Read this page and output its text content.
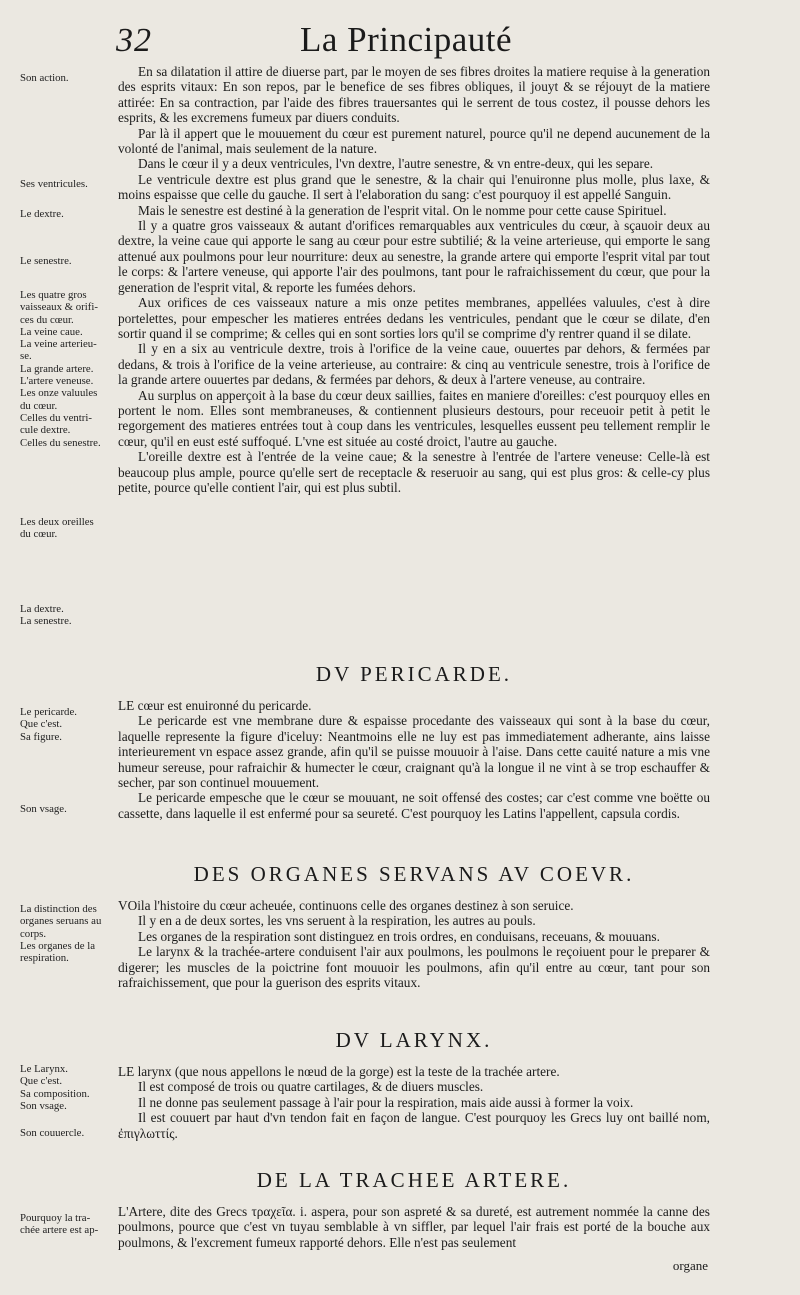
32	La Principauté
Son action.
Ses ventricules.
Le dextre.
Le senestre.
Les quatre gros
vaisseaux & orifi-
ces du cœur.
La veine caue.
La veine arterieu-
se.
La grande artere.
L'artere veneuse.
Les onze valuules
du cœur.
Celles du ventri-
cule dextre.
Celles du senestre.
Les deux oreilles
du cœur.
La dextre.
La senestre.
Le pericarde.
Que c'est.
Sa figure.
Son vsage.
La distinction des
organes seruans au
corps.
Les organes de la
respiration.
Le Larynx.
Que c'est.
Sa composition.
Son vsage.
Son couuercle.
Pourquoy la tra-
chée artere est ap-

En sa dilatation il attire de diuerse part, par le moyen de ses fibres droites la matiere requise à la generation des esprits vitaux: En son repos, par le benefice de ses fibres obliques, il jouyt & se réjouyt de la matiere attirée: En sa contraction, par l'aide des fibres trauersantes qui le serrent de tous costez, il pousse dehors les esprits, & les excremens fumeux par diuers conduits.

Par là il appert que le mouuement du cœur est purement naturel, pource qu'il ne depend aucunement de la volonté de l'animal, mais seulement de la nature.

Dans le cœur il y a deux ventricules, l'vn dextre, l'autre senestre, & vn entre-deux, qui les separe.

Le ventricule dextre est plus grand que le senestre, & la chair qui l'enuironne plus molle, plus laxe, & moins espaisse que celle du gauche. Il sert à l'elaboration du sang: c'est pourquoy il est appellé Sanguin.

Mais le senestre est destiné à la generation de l'esprit vital. On le nomme pour cette cause Spirituel.

Il y a quatre gros vaisseaux & autant d'orifices remarquables aux ventricules du cœur, à sçauoir deux au dextre, la veine caue qui apporte le sang au cœur pour estre subtilié; & la veine arterieuse, qui emporte le sang attenué aux poulmons pour leur nourriture: deux au senestre, la grande artere qui emporte l'esprit vital par tout le corps: & l'artere veneuse, qui apporte l'air des poulmons, tant pour le rafraichissement du cœur, que pour la generation de l'esprit vital, & reporte les fumées dehors.

Aux orifices de ces vaisseaux nature a mis onze petites membranes, appellées valuules, c'est à dire portelettes, pour empescher les matieres entrées dedans les ventricules, pendant que le cœur se dilate, d'en sortir quand il se comprime; & celles qui en sont sorties lors qu'il se comprime d'y rentrer quand il se dilate.

Il y en a six au ventricule dextre, trois à l'orifice de la veine caue, ouuertes par dehors, & fermées par dedans, & trois à l'orifice de la veine arterieuse, au contraire: & cinq au ventricule senestre, trois à l'orifice de la grande artere ouuertes par dedans, & fermées par dehors, & deux à l'artere veneuse, au contraire.

Au surplus on apperçoit à la base du cœur deux saillies, faites en maniere d'oreilles: c'est pourquoy elles en portent le nom. Elles sont membraneuses, & contiennent plusieurs destours, pour receuoir petit à petit le regorgement des matieres entrées tout à coup dans les ventricules, lesquelles eussent peu tellement remplir le cœur, qu'il en eust esté suffoqué. L'vne est située au costé droict, l'autre au gauche.

L'oreille dextre est à l'entrée de la veine caue; & la senestre à l'entrée de l'artere veneuse: Celle-là est beaucoup plus ample, pource qu'elle sert de receptacle & reseruoir au sang, qui est plus gros: & celle-cy plus petite, pource qu'elle contient l'air, qui est plus subtil.

DV PERICARDE.

LE cœur est enuironné du pericarde.

Le pericarde est vne membrane dure & espaisse procedante des vaisseaux qui sont à la base du cœur, laquelle represente la figure d'iceluy: Neantmoins elle ne luy est pas immediatement adherante, ains laisse interieurement vn espace assez grande, afin qu'il se puisse mouuoir à l'aise. Dans cette cauité nature a mis vne humeur sereuse, pour rafraichir & humecter le cœur, craignant qu'à la longue il ne vint à se trop eschauffer & secher, par son continuel mouuement.

Le pericarde empesche que le cœur se mouuant, ne soit offensé des costes; car c'est comme vne boëtte ou cassette, dans laquelle il est enfermé pour sa seureté. C'est pourquoy les Latins l'appellent, capsula cordis.

DES ORGANES SERVANS AV COEVR.

VOila l'histoire du cœur acheuée, continuons celle des organes destinez à son seruice.

Il y en a de deux sortes, les vns seruent à la respiration, les autres au pouls.

Les organes de la respiration sont distinguez en trois ordres, en conduisans, receuans, & mouuans.

Le larynx & la trachée-artere conduisent l'air aux poulmons, les poulmons le reçoiuent pour le preparer & digerer; les muscles de la poictrine font mouuoir les poulmons, afin qu'il entre au cœur, tant pour son rafraichissement, que pour la guerison des esprits vitaux.

DV LARYNX.

LE larynx (que nous appellons le nœud de la gorge) est la teste de la trachée artere.

Il est composé de trois ou quatre cartilages, & de diuers muscles.

Il ne donne pas seulement passage à l'air pour la respiration, mais aide aussi à former la voix.

Il est couuert par haut d'vn tendon fait en façon de langue. C'est pourquoy les Grecs luy ont baillé nom, ἐπιγλωττίς.

DE LA TRACHEE ARTERE.

L'Artere, dite des Grecs τραχεῖα. i. aspera, pour son aspreté & sa dureté, est autrement nommée la canne des poulmons, pource que c'est vn tuyau semblable à vn siffler, par lequel l'air frais est porté de la bouche aux poulmons, & l'excrement fumeux rapporté dehors. Elle n'est pas seulement

organe
